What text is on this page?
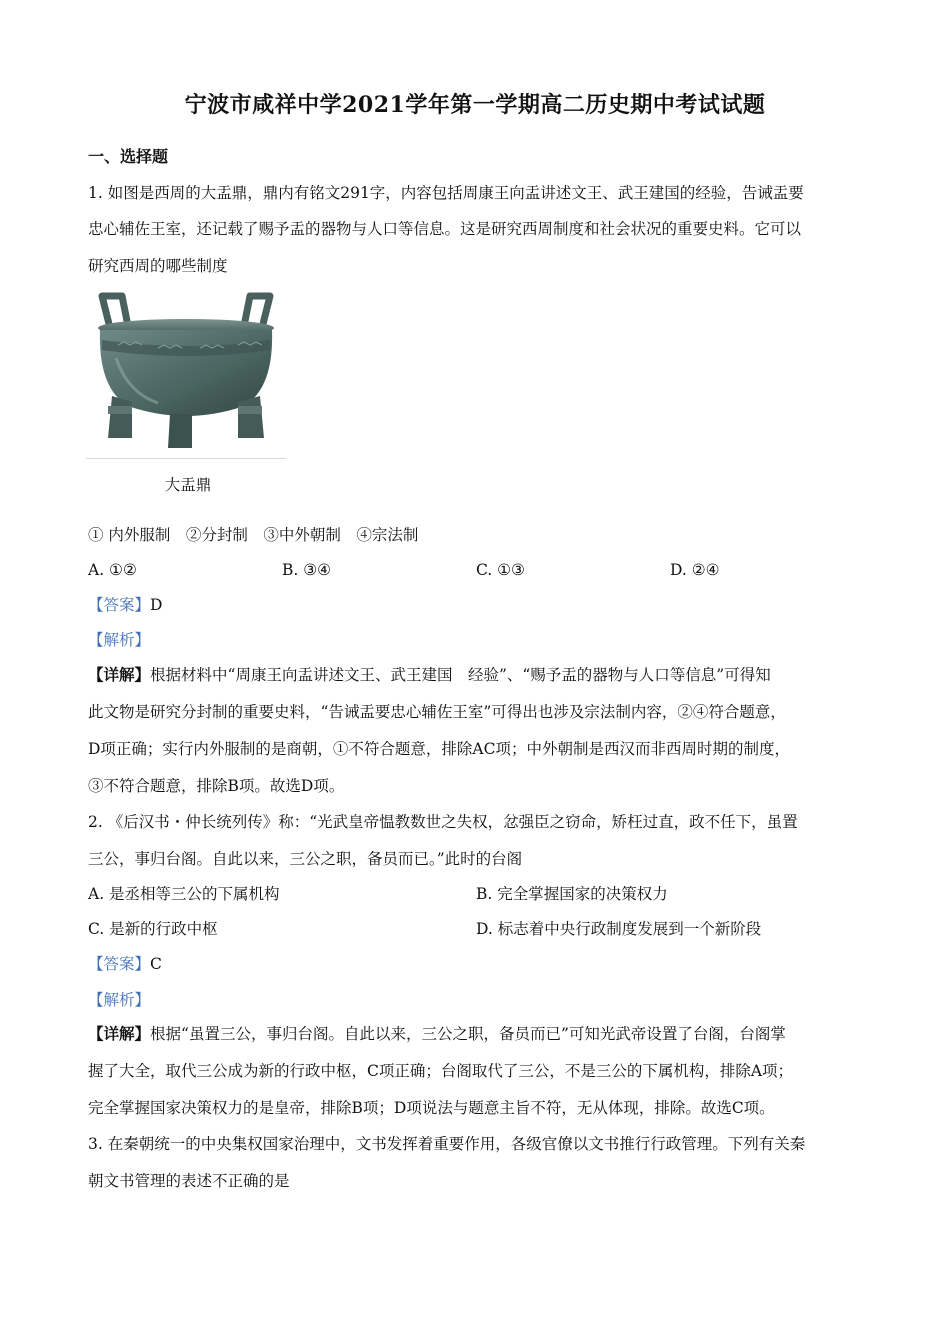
宁波市咸祥中学2021学年第一学期高二历史期中考试试题
一、选择题
1. 如图是西周的大盂鼎，鼎内有铭文291字，内容包括周康王向盂讲述文王、武王建国的经验，告诫盂要
忠心辅佐王室，还记载了赐予盂的器物与人口等信息。这是研究西周制度和社会状况的重要史料。它可以
研究西周的哪些制度
大盂鼎
① 内外服制　②分封制　③中外朝制　④宗法制
A. ①②	B. ③④	C. ①③	D. ②④
【答案】D
【解析】
【详解】根据材料中“周康王向盂讲述文王、武王建国　经验”、“赐予盂的器物与人口等信息”可得知
此文物是研究分封制的重要史料，“告诫盂要忠心辅佐王室”可得出也涉及宗法制内容，②④符合题意，
D项正确；实行内外服制的是商朝，①不符合题意，排除AC项；中外朝制是西汉而非西周时期的制度，
③不符合题意，排除B项。故选D项。
2. 《后汉书・仲长统列传》称：“光武皇帝愠教数世之失权，忿强臣之窃命，矫枉过直，政不任下，虽置
三公，事归台阁。自此以来，三公之职，备员而已。”此时的台阁
A. 是丞相等三公的下属机构	B. 完全掌握国家的决策权力
C. 是新的行政中枢	D. 标志着中央行政制度发展到一个新阶段
【答案】C
【解析】
【详解】根据“虽置三公，事归台阁。自此以来，三公之职，备员而已”可知光武帝设置了台阁，台阁掌
握了大全，取代三公成为新的行政中枢，C项正确；台阁取代了三公，不是三公的下属机构，排除A项；
完全掌握国家决策权力的是皇帝，排除B项；D项说法与题意主旨不符，无从体现，排除。故选C项。
3. 在秦朝统一的中央集权国家治理中，文书发挥着重要作用，各级官僚以文书推行行政管理。下列有关秦
朝文书管理的表述不正确的是
